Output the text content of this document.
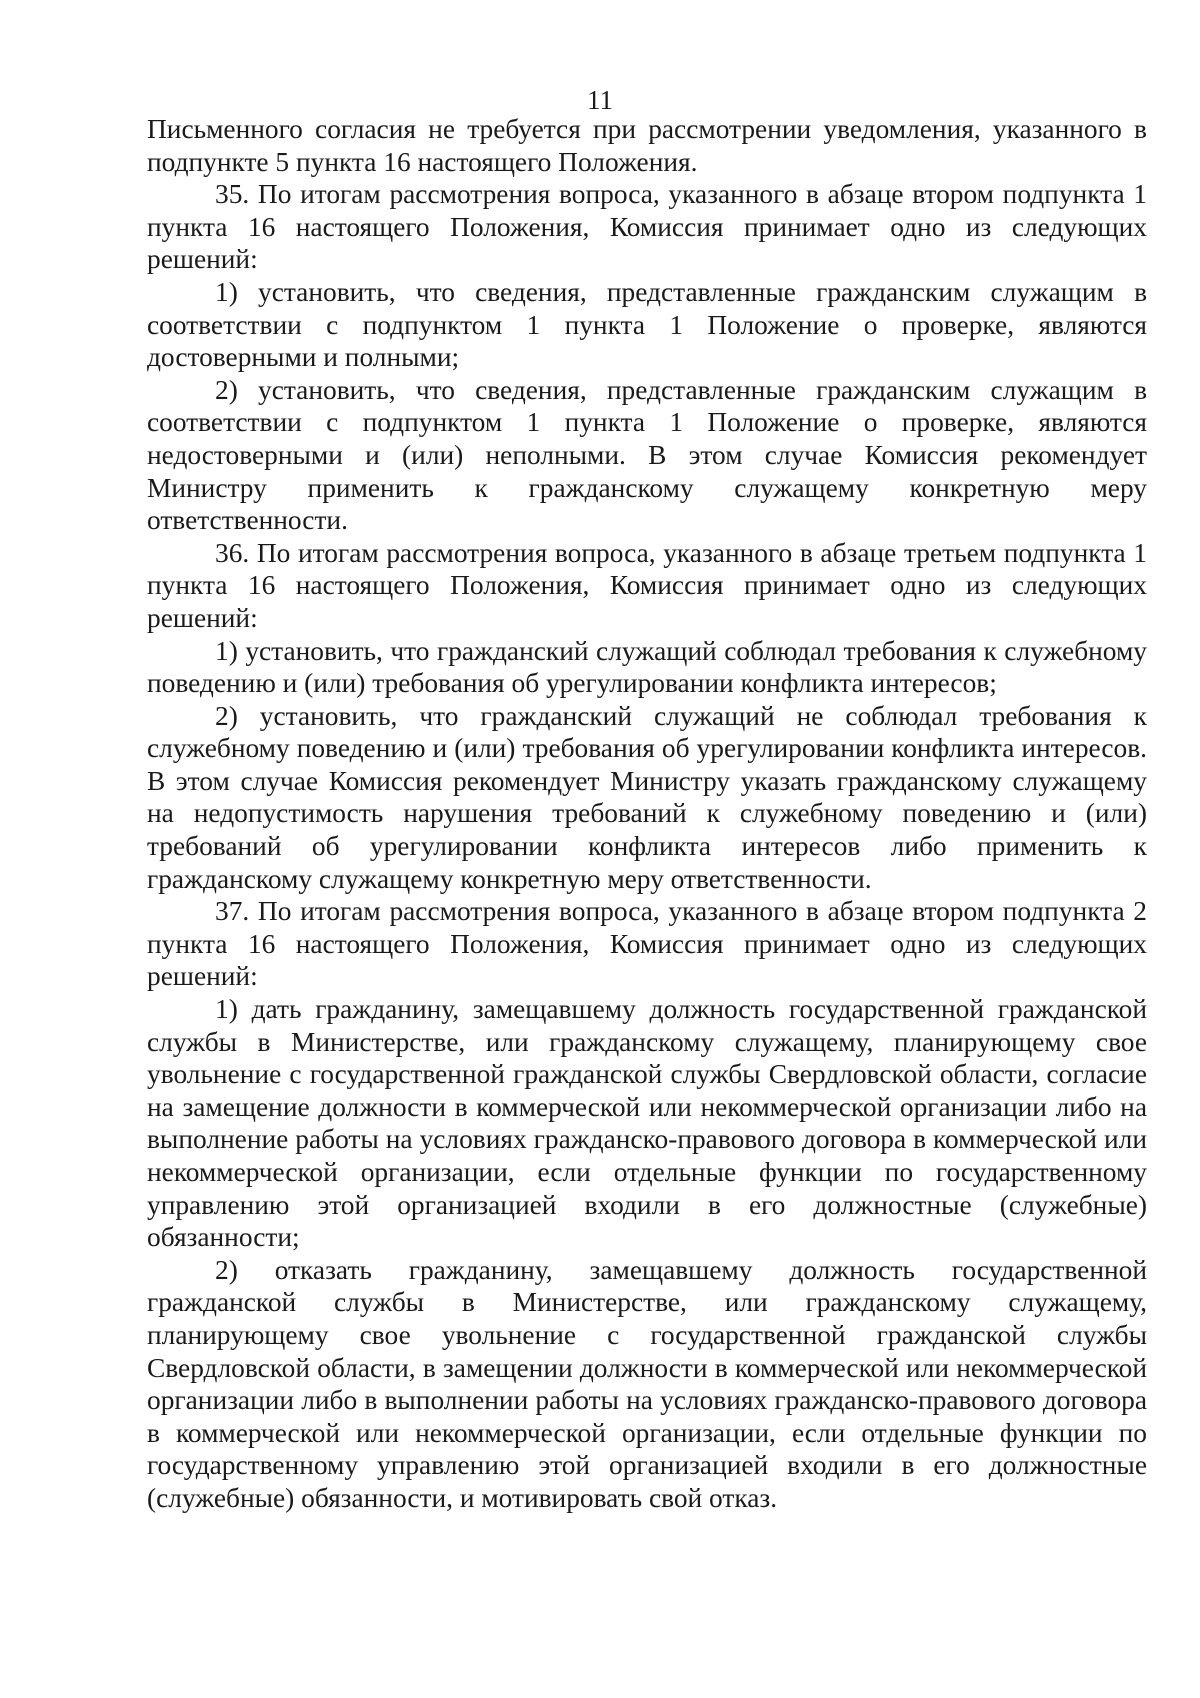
11

Письменного согласия не требуется при рассмотрении уведомления, указанного в подпункте 5 пункта 16 настоящего Положения.

35. По итогам рассмотрения вопроса, указанного в абзаце втором подпункта 1 пункта 16 настоящего Положения, Комиссия принимает одно из следующих решений:

1) установить, что сведения, представленные гражданским служащим в соответствии с подпунктом 1 пункта 1 Положение о проверке, являются достоверными и полными;

2) установить, что сведения, представленные гражданским служащим в соответствии с подпунктом 1 пункта 1 Положение о проверке, являются недостоверными и (или) неполными. В этом случае Комиссия рекомендует Министру применить к гражданскому служащему конкретную меру ответственности.

36. По итогам рассмотрения вопроса, указанного в абзаце третьем подпункта 1 пункта 16 настоящего Положения, Комиссия принимает одно из следующих решений:

1) установить, что гражданский служащий соблюдал требования к служебному поведению и (или) требования об урегулировании конфликта интересов;

2) установить, что гражданский служащий не соблюдал требования к служебному поведению и (или) требования об урегулировании конфликта интересов. В этом случае Комиссия рекомендует Министру указать гражданскому служащему на недопустимость нарушения требований к служебному поведению и (или) требований об урегулировании конфликта интересов либо применить к гражданскому служащему конкретную меру ответственности.

37. По итогам рассмотрения вопроса, указанного в абзаце втором подпункта 2 пункта 16 настоящего Положения, Комиссия принимает одно из следующих решений:

1) дать гражданину, замещавшему должность государственной гражданской службы в Министерстве, или гражданскому служащему, планирующему свое увольнение с государственной гражданской службы Свердловской области, согласие на замещение должности в коммерческой или некоммерческой организации либо на выполнение работы на условиях гражданско-правового договора в коммерческой или некоммерческой организации, если отдельные функции по государственному управлению этой организацией входили в его должностные (служебные) обязанности;

2) отказать гражданину, замещавшему должность государственной гражданской службы в Министерстве, или гражданскому служащему, планирующему свое увольнение с государственной гражданской службы Свердловской области, в замещении должности в коммерческой или некоммерческой организации либо в выполнении работы на условиях гражданско-правового договора в коммерческой или некоммерческой организации, если отдельные функции по государственному управлению этой организацией входили в его должностные (служебные) обязанности, и мотивировать свой отказ.
